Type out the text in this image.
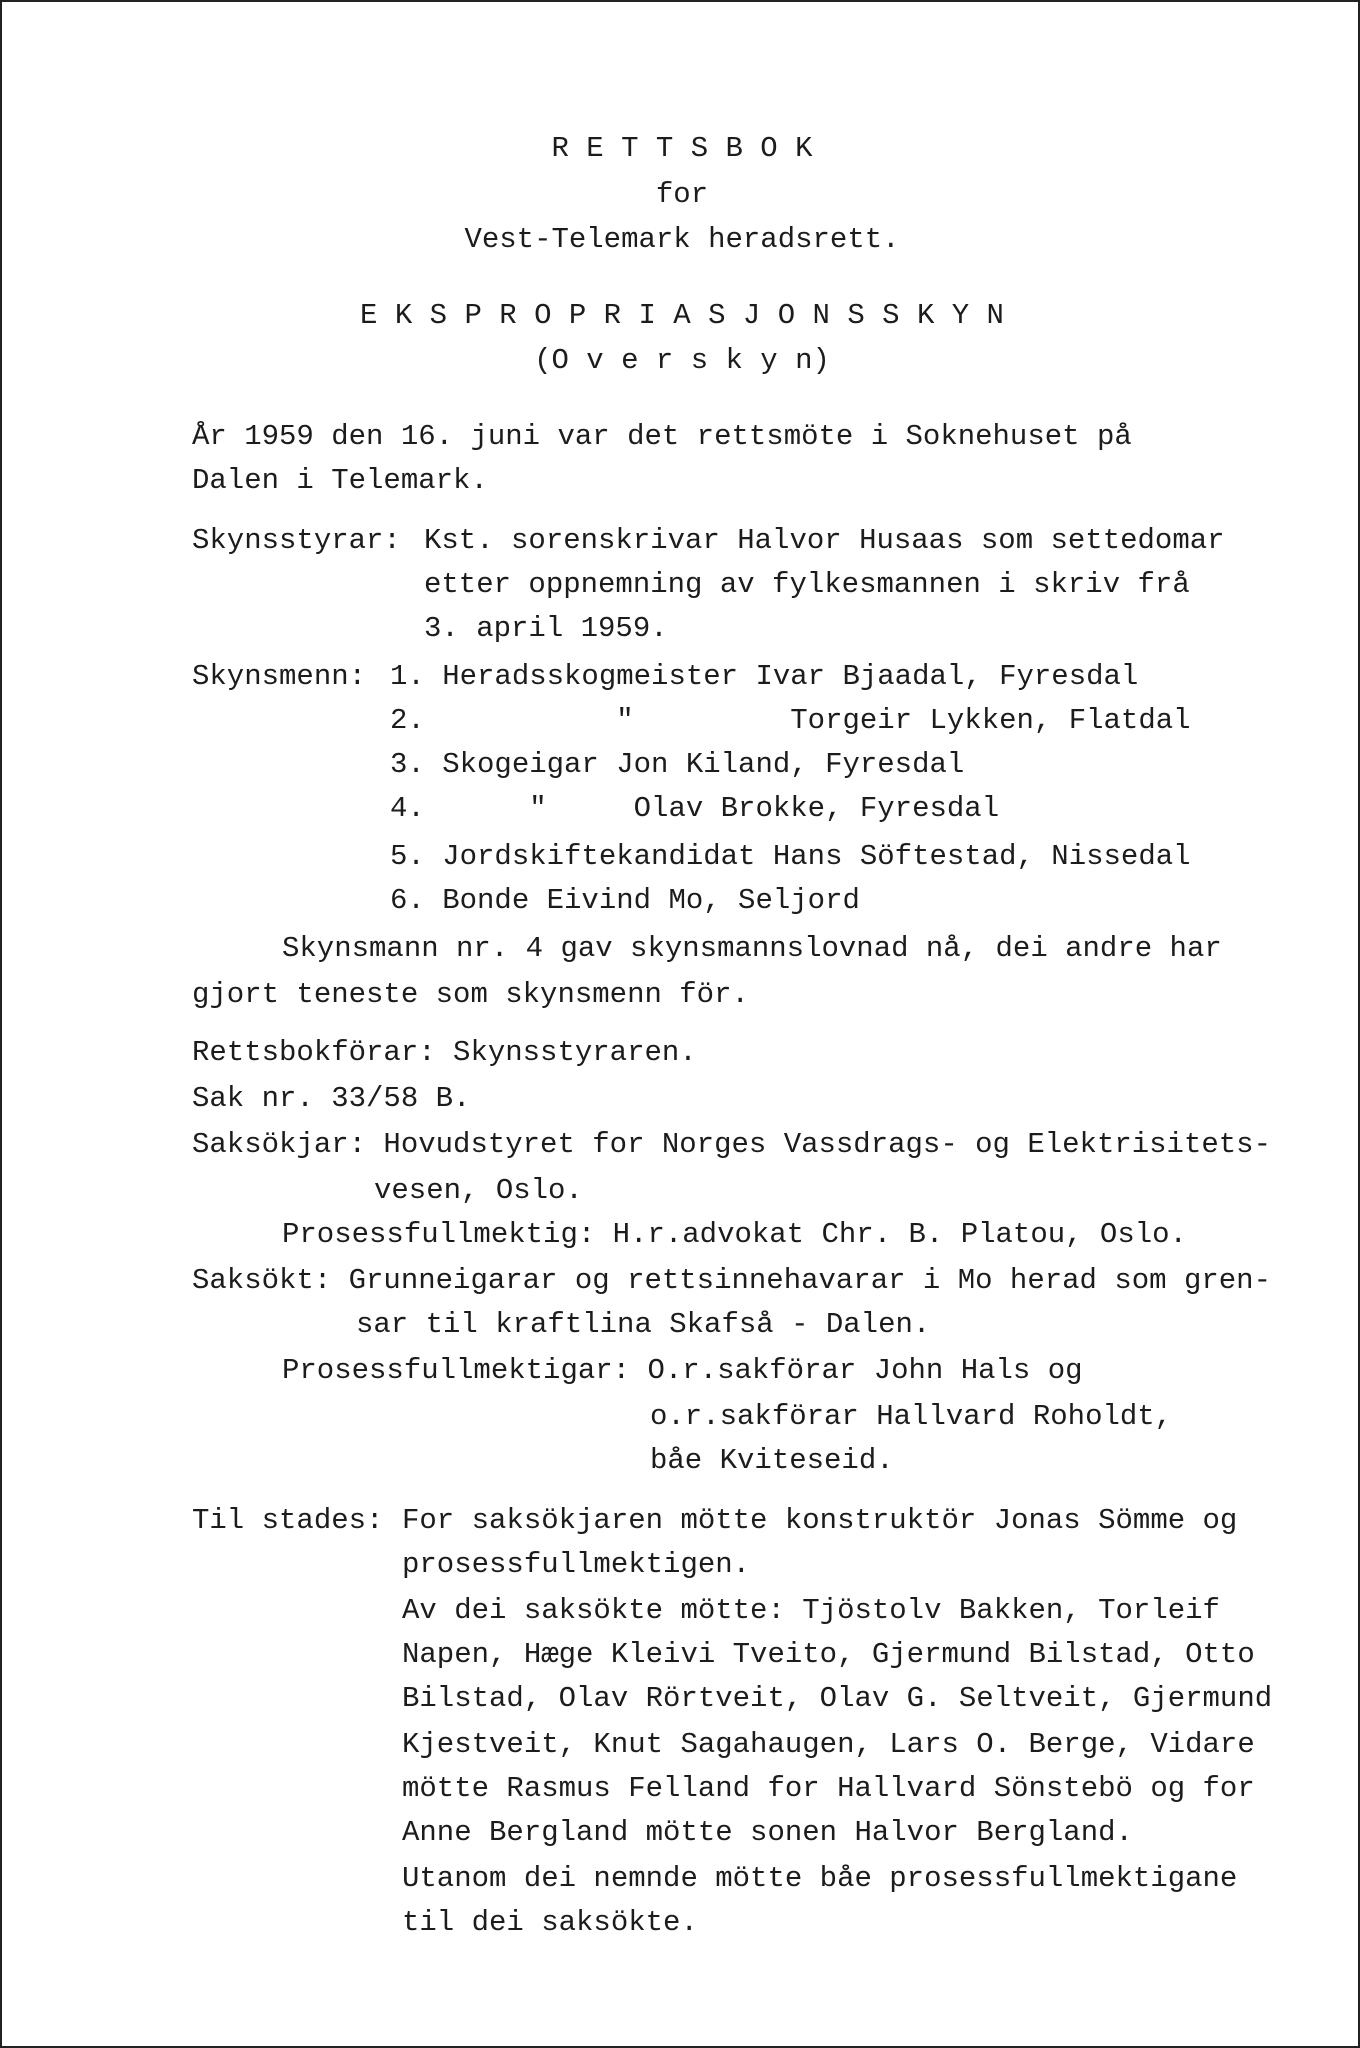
R E T T S B O K
for
Vest-Telemark heradsrett.
E K S P R O P R I A S J O N S S K Y N
(O v e r s k y n)
År 1959 den 16. juni var det rettsmöte i Soknehuset på
Dalen i Telemark.
Skynsstyrar: Kst. sorenskrivar Halvor Husaas som settedomar
etter oppnemning av fylkesmannen i skriv frå
3. april 1959.
Skynsmenn: 1. Heradsskogmeister Ivar Bjaadal, Fyresdal
2.           "         Torgeir Lykken, Flatdal
3. Skogeigar Jon Kiland, Fyresdal
4.      "     Olav Brokke, Fyresdal
5. Jordskiftekandidat Hans Söftestad, Nissedal
6. Bonde Eivind Mo, Seljord
Skynsmann nr. 4 gav skynsmannslovnad nå, dei andre har
gjort teneste som skynsmenn för.
Rettsbokförar: Skynsstyraren.
Sak nr. 33/58 B.
Saksökjar: Hovudstyret for Norges Vassdrags- og Elektrisitets-
vesen, Oslo.
Prosessfullmektig: H.r.advokat Chr. B. Platou, Oslo.
Saksökt: Grunneigarar og rettsinnehavarar i Mo herad som gren-
sar til kraftlina Skafså - Dalen.
Prosessfullmektigar: O.r.sakförar John Hals og
o.r.sakförar Hallvard Roholdt,
båe Kviteseid.
Til stades: For saksökjaren mötte konstruktör Jonas Sömme og
prosessfullmektigen.
Av dei saksökte mötte: Tjöstolv Bakken, Torleif
Napen, Hæge Kleivi Tveito, Gjermund Bilstad, Otto
Bilstad, Olav Rörtveit, Olav G. Seltveit, Gjermund
Kjestveit, Knut Sagahaugen, Lars O. Berge, Vidare
mötte Rasmus Felland for Hallvard Sönstebö og for
Anne Bergland mötte sonen Halvor Bergland.
Utanom dei nemnde mötte båe prosessfullmektigane
til dei saksökte.
